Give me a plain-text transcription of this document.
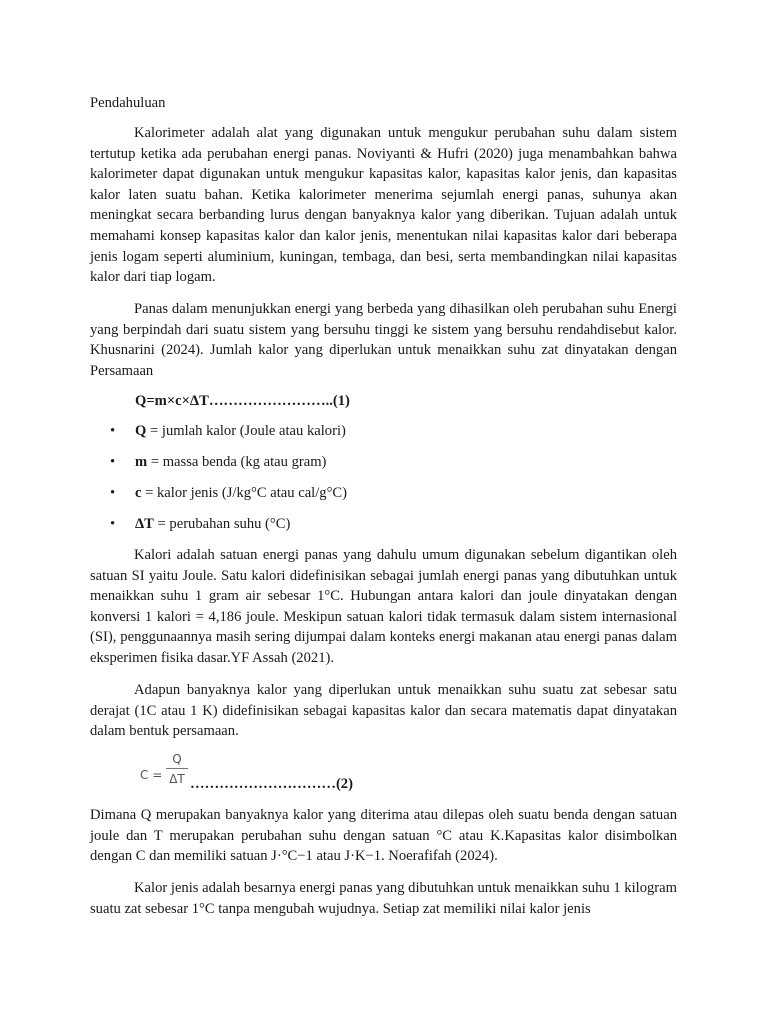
Pendahuluan

Kalorimeter adalah alat yang digunakan untuk mengukur perubahan suhu dalam sistem tertutup ketika ada perubahan energi panas. Noviyanti & Hufri (2020) juga menambahkan bahwa kalorimeter dapat digunakan untuk mengukur kapasitas kalor, kapasitas kalor jenis, dan kapasitas kalor laten suatu bahan. Ketika kalorimeter menerima sejumlah energi panas, suhunya akan meningkat secara berbanding lurus dengan banyaknya kalor yang diberikan. Tujuan adalah untuk memahami konsep kapasitas kalor dan kalor jenis, menentukan nilai kapasitas kalor dari beberapa jenis logam seperti aluminium, kuningan, tembaga, dan besi, serta membandingkan nilai kapasitas kalor dari tiap logam.

Panas dalam menunjukkan energi yang berbeda yang dihasilkan oleh perubahan suhu Energi yang berpindah dari suatu sistem yang bersuhu tinggi ke sistem yang bersuhu rendahdisebut kalor. Khusnarini (2024). Jumlah kalor yang diperlukan untuk menaikkan suhu zat dinyatakan dengan Persamaan

Q=m×c×ΔT……………………..(1)

• Q = jumlah kalor (Joule atau kalori)
• m = massa benda (kg atau gram)
• c = kalor jenis (J/kg°C atau cal/g°C)
• ΔT = perubahan suhu (°C)

Kalori adalah satuan energi panas yang dahulu umum digunakan sebelum digantikan oleh satuan SI yaitu Joule. Satu kalori didefinisikan sebagai jumlah energi panas yang dibutuhkan untuk menaikkan suhu 1 gram air sebesar 1°C. Hubungan antara kalori dan joule dinyatakan dengan konversi 1 kalori = 4,186 joule. Meskipun satuan kalori tidak termasuk dalam sistem internasional (SI), penggunaannya masih sering dijumpai dalam konteks energi makanan atau energi panas dalam eksperimen fisika dasar.YF Assah (2021).

Adapun banyaknya kalor yang diperlukan untuk menaikkan suhu suatu zat sebesar satu derajat (1C atau 1 K) didefinisikan sebagai kapasitas kalor dan secara matematis dapat dinyatakan dalam bentuk persamaan.

C =
Q
ΔT …………………………(2)

Dimana Q merupakan banyaknya kalor yang diterima atau dilepas oleh suatu benda dengan satuan joule dan T merupakan perubahan suhu dengan satuan °C atau K.Kapasitas kalor disimbolkan dengan C dan memiliki satuan J·°C−1 atau J·K−1. Noerafifah (2024).

Kalor jenis adalah besarnya energi panas yang dibutuhkan untuk menaikkan suhu 1 kilogram suatu zat sebesar 1°C tanpa mengubah wujudnya. Setiap zat memiliki nilai kalor jenis
